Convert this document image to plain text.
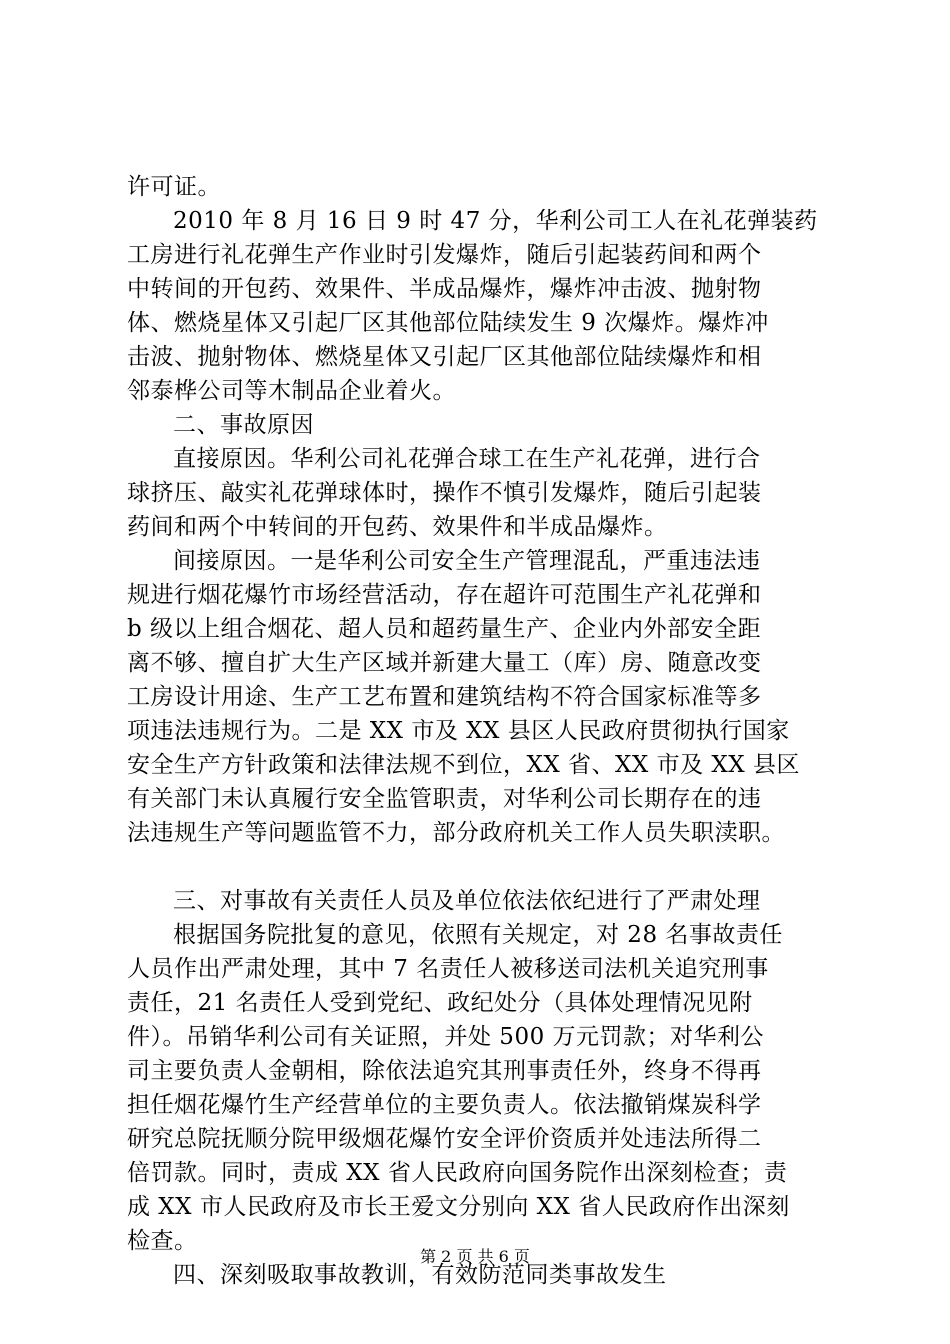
许可证。
2010 年 8 月 16 日 9 时 47 分，华利公司工人在礼花弹装药
工房进行礼花弹生产作业时引发爆炸，随后引起装药间和两个
中转间的开包药、效果件、半成品爆炸，爆炸冲击波、抛射物
体、燃烧星体又引起厂区其他部位陆续发生 9 次爆炸。爆炸冲
击波、抛射物体、燃烧星体又引起厂区其他部位陆续爆炸和相
邻泰桦公司等木制品企业着火。
二、事故原因
直接原因。华利公司礼花弹合球工在生产礼花弹，进行合
球挤压、敲实礼花弹球体时，操作不慎引发爆炸，随后引起装
药间和两个中转间的开包药、效果件和半成品爆炸。
间接原因。一是华利公司安全生产管理混乱，严重违法违
规进行烟花爆竹市场经营活动，存在超许可范围生产礼花弹和
b 级以上组合烟花、超人员和超药量生产、企业内外部安全距
离不够、擅自扩大生产区域并新建大量工（库）房、随意改变
工房设计用途、生产工艺布置和建筑结构不符合国家标准等多
项违法违规行为。二是 XX 市及 XX 县区人民政府贯彻执行国家
安全生产方针政策和法律法规不到位，XX 省、XX 市及 XX 县区
有关部门未认真履行安全监管职责，对华利公司长期存在的违
法违规生产等问题监管不力，部分政府机关工作人员失职渎职。
三、对事故有关责任人员及单位依法依纪进行了严肃处理
根据国务院批复的意见，依照有关规定，对 28 名事故责任
人员作出严肃处理，其中 7 名责任人被移送司法机关追究刑事
责任，21 名责任人受到党纪、政纪处分（具体处理情况见附
件）。吊销华利公司有关证照，并处 500 万元罚款；对华利公
司主要负责人金朝相，除依法追究其刑事责任外，终身不得再
担任烟花爆竹生产经营单位的主要负责人。依法撤销煤炭科学
研究总院抚顺分院甲级烟花爆竹安全评价资质并处违法所得二
倍罚款。同时，责成 XX 省人民政府向国务院作出深刻检查；责
成 XX 市人民政府及市长王爱文分别向 XX 省人民政府作出深刻
检查。
四、深刻吸取事故教训，有效防范同类事故发生
第 2 页 共 6 页
